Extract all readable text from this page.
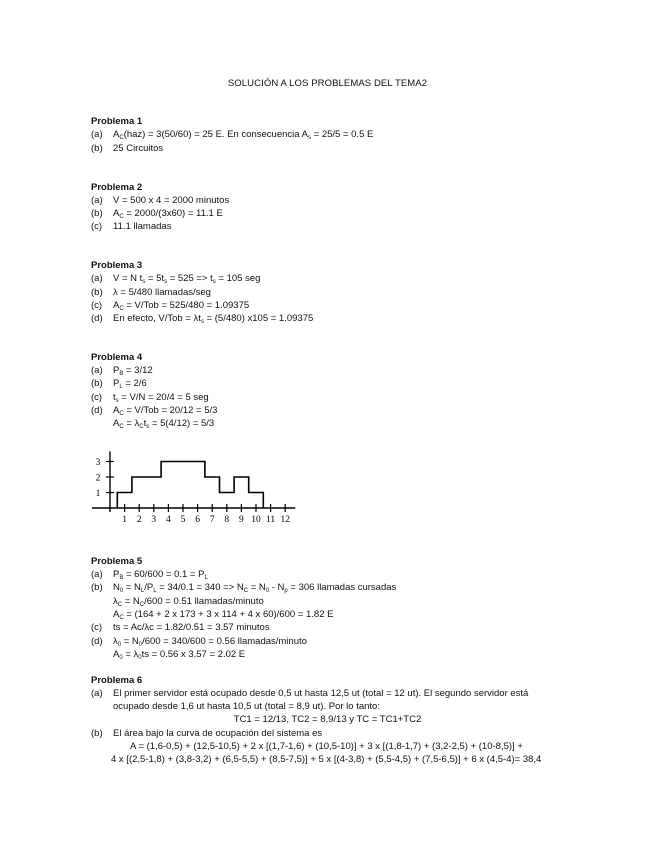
SOLUCIÓN A LOS PROBLEMAS DEL TEMA2
Problema 1
(a) $A_C(haz) = 3(50/60) = 25$ E. En consecuencia $A_s = 25/5 = 0.5$ E
(b) 25 Circuitos
Problema 2
(a) V = 500 x 4 = 2000 minutos
(b) $A_C = 2000/(3x60) = 11.1$ E
(c) 11.1 llamadas
Problema 3
(a) V = N $t_s = 5t_s = 525 => t_s = 105$ seg
(b) λ = 5/480 llamadas/seg
(c) $A_C = V/Tob = 525/480 = 1.09375$
(d) En efecto, $V/Tob = \lambda t_s = (5/480) x105 = 1.09375$
Problema 4
(a) $P_B = 3/12$
(b) $P_L = 2/6$
(c) $t_s = V/N = 20/4 = 5$ seg
(d) $A_C = V/Tob = 20/12 = 5/3$
$A_C = \lambda_Ct_s = 5(4/12) = 5/3$
1 2 3 4 5 6 7 8 9 10 11 12
1
2
3
Problema 5
(a) $P_B = 60/600 = 0.1 = P_L$
(b) $N_0 = N_L/P_L = 34/0.1 = 340 => N_C = N_0 - N_p = 306$ llamadas cursadas
$\lambda_C = N_C/600 = 0.51$ llamadas/minuto
$A_C = (164 + 2$ x 173 + 3 x 114 + 4 x 60)/600 = 1.82 E
(c) ts = Ac/λc = 1.82/0.51 = 3.57 minutos
(d) $\lambda_0 = N_0/600 = 340/600 = 0.56$ llamadas/minuto
$A_0 = \lambda_0ts = 0.56$ x 3.57 = 2.02 E
Problema 6
(a) El primer servidor está ocupado desde 0,5 ut hasta 12,5 ut (total = 12 ut). El segundo servidor está
ocupado desde 1,6 ut hasta 10,5 ut (total = 8,9 ut). Por lo tanto:
TC1 = 12/13, TC2 = 8,9/13 y TC = TC1+TC2
(b) El área bajo la curva de ocupación del sistema es
A = (1,6-0,5) + (12,5-10,5) + 2 x [(1,7-1,6) + (10,5-10)] + 3 x [(1,8-1,7) + (3,2-2,5) + (10-8,5)] +
4 x [(2,5-1,8) + (3,8-3,2) + (6,5-5,5) + (8,5-7,5)] + 5 x [(4-3,8) + (5,5-4,5) + (7,5-6,5)] + 6 x (4,5-4)= 38,4
